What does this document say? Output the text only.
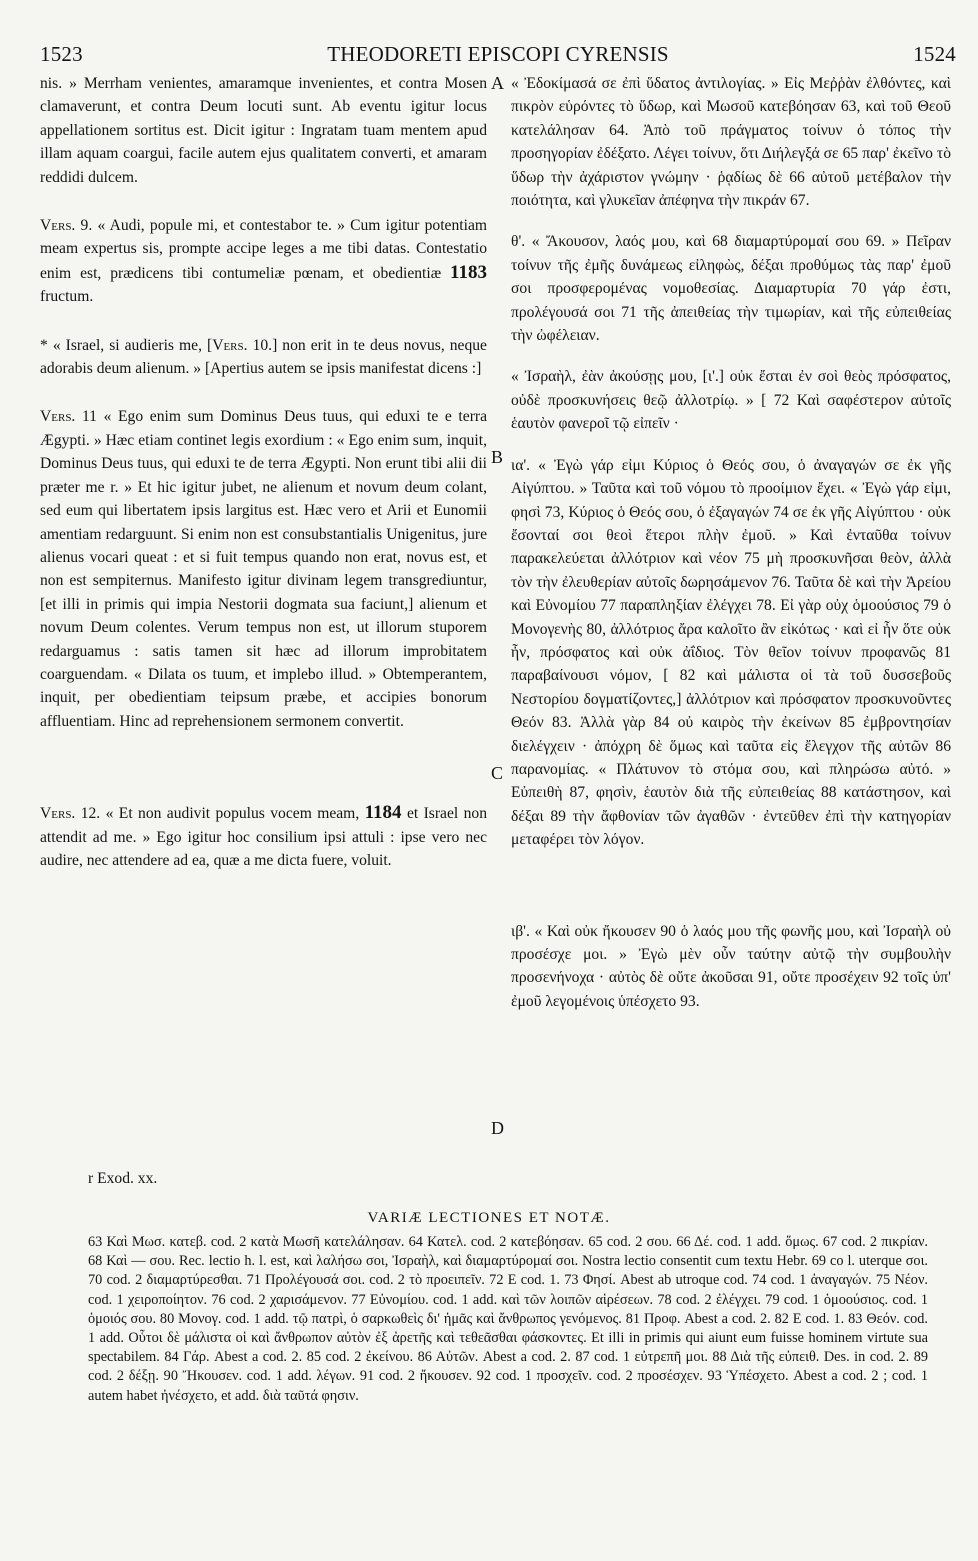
1523	THEODORETI EPISCOPI CYRENSIS	1524
A
B
C
D

nis. » Merrham venientes, amaramque invenientes, et contra Mosen clamaverunt, et contra Deum locuti sunt. Ab eventu igitur locus appellationem sortitus est. Dicit igitur : Ingratam tuam mentem apud illam aquam coargui, facile autem ejus qualitatem converti, et amaram reddidi dulcem.

Vers. 9. « Audi, popule mi, et contestabor te. » Cum igitur potentiam meam expertus sis, prompte accipe leges a me tibi datas. Contestatio enim est, prædicens tibi contumeliæ pœnam, et obedientiæ 1183 fructum.

* « Israel, si audieris me, [Vers. 10.] non erit in te deus novus, neque adorabis deum alienum. » [Apertius autem se ipsis manifestat dicens :]

Vers. 11 « Ego enim sum Dominus Deus tuus, qui eduxi te e terra Ægypti. » Hæc etiam continet legis exordium : « Ego enim sum, inquit, Dominus Deus tuus, qui eduxi te de terra Ægypti. Non erunt tibi alii dii præter me r. » Et hic igitur jubet, ne alienum et novum deum colant, sed eum qui libertatem ipsis largitus est. Hæc vero et Arii et Eunomii amentiam redarguunt. Si enim non est consubstantialis Unigenitus, jure alienus vocari queat : et si fuit tempus quando non erat, novus est, et non est sempiternus. Manifesto igitur divinam legem transgrediuntur, [et illi in primis qui impia Nestorii dogmata sua faciunt,] alienum et novum Deum colentes. Verum tempus non est, ut illorum stuporem redarguamus : satis tamen sit hæc ad illorum improbitatem coarguendam. « Dilata os tuum, et implebo illud. » Obtemperantem, inquit, per obedientiam teipsum præbe, et accipies bonorum affluentiam. Hinc ad reprehensionem sermonem convertit.

Vers. 12. « Et non audivit populus vocem meam, 1184 et Israel non attendit ad me. » Ego igitur hoc consilium ipsi attuli : ipse vero nec audire, nec attendere ad ea, quæ a me dicta fuere, voluit.

« Ἐδοκίμασά σε ἐπὶ ὕδατος ἀντιλογίας. » Εἰς Μεῤῥὰν ἐλθόντες, καὶ πικρὸν εὑρόντες τὸ ὕδωρ, καὶ Μωσοῦ κατεβόησαν 63, καὶ τοῦ Θεοῦ κατελάλησαν 64. Ἀπὸ τοῦ πράγματος τοίνυν ὁ τόπος τὴν προσηγορίαν ἐδέξατο. Λέγει τοίνυν, ὅτι Διήλεγξά σε 65 παρ' ἐκεῖνο τὸ ὕδωρ τὴν ἀχάριστον γνώμην · ῥᾳδίως δὲ 66 αὐτοῦ μετέβαλον τὴν ποιότητα, καὶ γλυκεῖαν ἀπέφηνα τὴν πικράν 67.

θ'. « Ἄκουσον, λαός μου, καὶ 68 διαμαρτύρομαί σου 69. » Πεῖραν τοίνυν τῆς ἐμῆς δυνάμεως εἰληφὼς, δέξαι προθύμως τὰς παρ' ἐμοῦ σοι προσφερομένας νομοθεσίας. Διαμαρτυρία 70 γάρ ἐστι, προλέγουσά σοι 71 τῆς ἀπειθείας τὴν τιμωρίαν, καὶ τῆς εὐπειθείας τὴν ὠφέλειαν.

« Ἰσραὴλ, ἐὰν ἀκούσῃς μου, [ι'.] οὐκ ἔσται ἐν σοὶ θεὸς πρόσφατος, οὐδὲ προσκυνήσεις θεῷ ἀλλοτρίῳ. » [ 72 Καὶ σαφέστερον αὐτοῖς ἑαυτὸν φανεροῖ τῷ εἰπεῖν ·

ια'. « Ἐγὼ γάρ εἰμι Κύριος ὁ Θεός σου, ὁ ἀναγαγών σε ἐκ γῆς Αἰγύπτου. » Ταῦτα καὶ τοῦ νόμου τὸ προοίμιον ἔχει. « Ἐγὼ γάρ εἰμι, φησὶ 73, Κύριος ὁ Θεός σου, ὁ ἐξαγαγών 74 σε ἐκ γῆς Αἰγύπτου · οὐκ ἔσονταί σοι θεοὶ ἕτεροι πλὴν ἐμοῦ. » Καὶ ἐνταῦθα τοίνυν παρακελεύεται ἀλλότριον καὶ νέον 75 μὴ προσκυνῆσαι θεὸν, ἀλλὰ τὸν τὴν ἐλευθερίαν αὐτοῖς δωρησάμενον 76. Ταῦτα δὲ καὶ τὴν Ἀρείου καὶ Εὐνομίου 77 παραπληξίαν ἐλέγχει 78. Εἰ γὰρ οὐχ ὁμοούσιος 79 ὁ Μονογενὴς 80, ἀλλότριος ἄρα καλοῖτο ἂν εἰκότως · καὶ εἰ ἦν ὅτε οὐκ ἦν, πρόσφατος καὶ οὐκ ἀΐδιος. Τὸν θεῖον τοίνυν προφανῶς 81 παραβαίνουσι νόμον, [ 82 καὶ μάλιστα οἱ τὰ τοῦ δυσσεβοῦς Νεστορίου δογματίζοντες,] ἀλλότριον καὶ πρόσφατον προσκυνοῦντες Θεόν 83. Ἀλλὰ γὰρ 84 οὐ καιρὸς τὴν ἐκείνων 85 ἐμβροντησίαν διελέγχειν · ἀπόχρη δὲ ὅμως καὶ ταῦτα εἰς ἔλεγχον τῆς αὐτῶν 86 παρανομίας. « Πλάτυνον τὸ στόμα σου, καὶ πληρώσω αὐτό. » Εὐπειθὴ 87, φησὶν, ἑαυτὸν διὰ τῆς εὐπειθείας 88 κατάστησον, καὶ δέξαι 89 τὴν ἄφθονίαν τῶν ἀγαθῶν · ἐντεῦθεν ἐπὶ τὴν κατηγορίαν μεταφέρει τὸν λόγον.

ιβ'. « Καὶ οὐκ ἤκουσεν 90 ὁ λαός μου τῆς φωνῆς μου, καὶ Ἰσραὴλ οὐ προσέσχε μοι. » Ἐγὼ μὲν οὖν ταύτην αὐτῷ τὴν συμβουλὴν προσενήνοχα · αὐτὸς δὲ οὔτε ἀκοῦσαι 91, οὔτε προσέχειν 92 τοῖς ὑπ' ἐμοῦ λεγομένοις ὑπέσχετο 93.

r Exod. xx.
VARIÆ LECTIONES ET NOTÆ.

63 Καὶ Μωσ. κατεβ. cod. 2 κατὰ Μωσῆ κατελάλησαν. 64 Κατελ. cod. 2 κατεβόησαν. 65 cod. 2 σου. 66 Δέ. cod. 1 add. ὅμως. 67 cod. 2 πικρίαν. 68 Καὶ — σου. Rec. lectio h. l. est, καὶ λαλήσω σοι, Ἰσραὴλ, καὶ διαμαρτύρομαί σοι. Nostra lectio consentit cum textu Hebr. 69 co l. uterque σοι. 70 cod. 2 διαμαρτύρεσθαι. 71 Προλέγουσά σοι. cod. 2 τὸ προειπεῖν. 72 E cod. 1. 73 Φησί. Abest ab utroque cod. 74 cod. 1 ἀναγαγών. 75 Νέον. cod. 1 χειροποίητον. 76 cod. 2 χαρισάμενον. 77 Εὐνομίου. cod. 1 add. καὶ τῶν λοιπῶν αἱρέσεων. 78 cod. 2 ἐλέγχει. 79 cod. 1 ὁμοούσιος. cod. 1 ὁμοιός σου. 80 Μονογ. cod. 1 add. τῷ πατρὶ, ὁ σαρκωθεὶς δι' ἡμᾶς καὶ ἄνθρωπος γενόμενος. 81 Προφ. Abest a cod. 2. 82 E cod. 1. 83 Θεόν. cod. 1 add. Οὗτοι δὲ μάλιστα οἱ καὶ ἄνθρωπον αὐτὸν ἐξ ἀρετῆς καὶ τεθεᾶσθαι φάσκοντες. Et illi in primis qui aiunt eum fuisse hominem virtute sua spectabilem. 84 Γάρ. Abest a cod. 2. 85 cod. 2 ἐκείνου. 86 Αὐτῶν. Abest a cod. 2. 87 cod. 1 εὐτρεπῆ μοι. 88 Διὰ τῆς εὐπειθ. Des. in cod. 2. 89 cod. 2 δέξῃ. 90 Ἤκουσεν. cod. 1 add. λέγων. 91 cod. 2 ἤκουσεν. 92 cod. 1 προσχεῖν. cod. 2 προσέσχεν. 93 Ὑπέσχετο. Abest a cod. 2 ; cod. 1 autem habet ἠνέσχετο, et add. διὰ ταῦτά φησιν.
